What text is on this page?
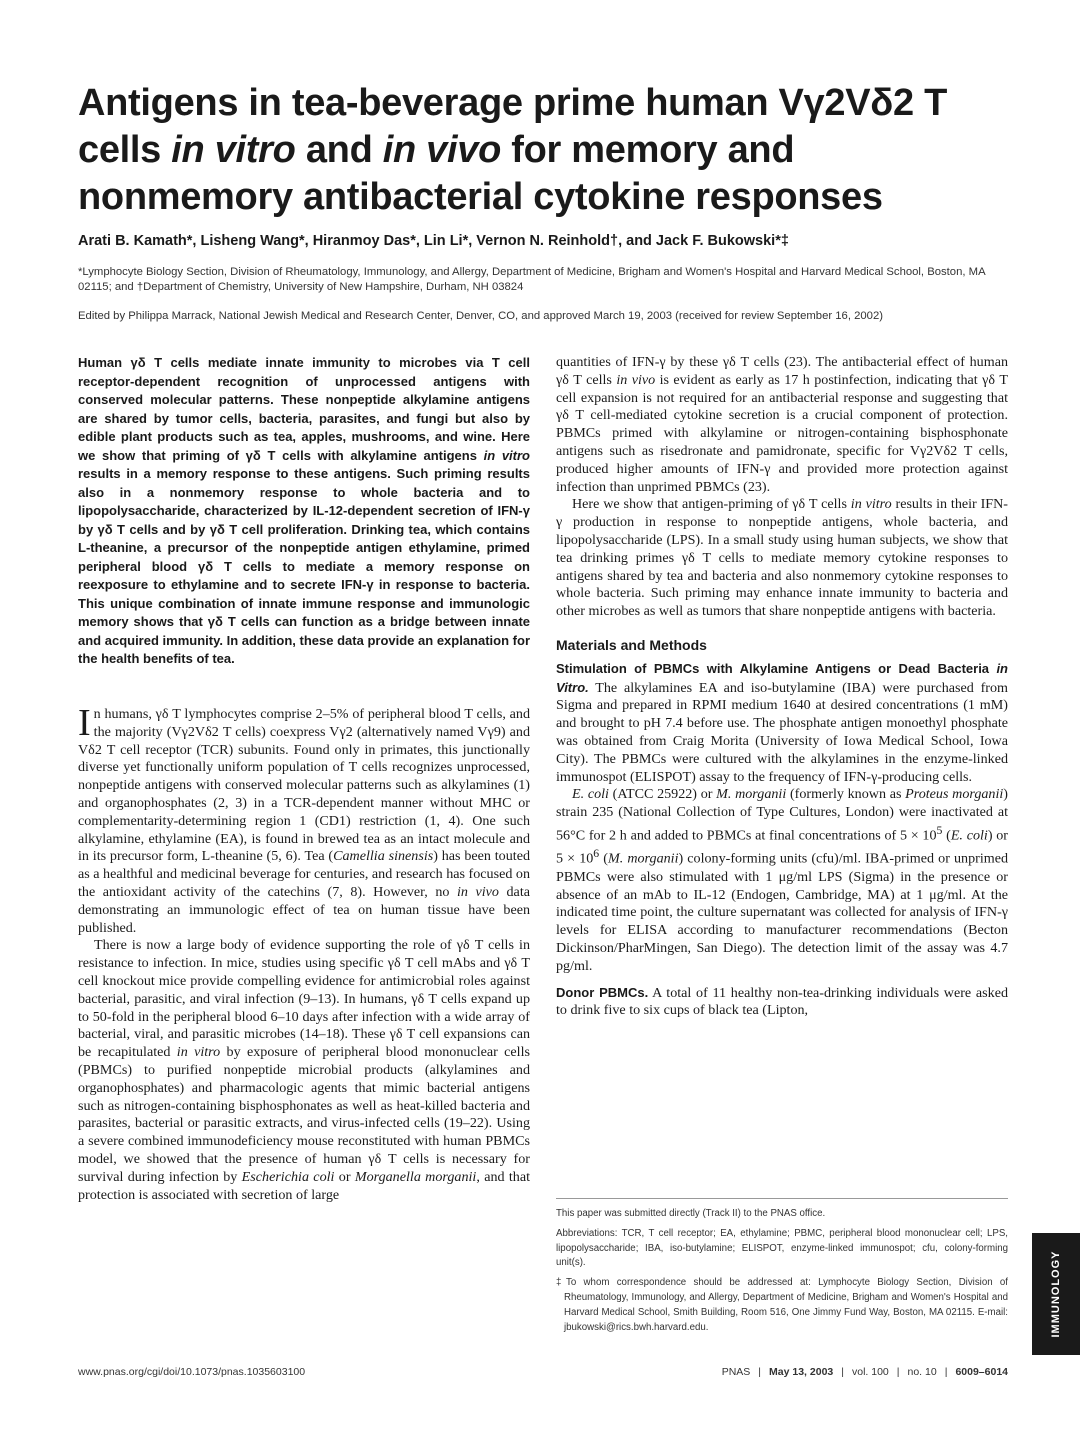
Antigens in tea-beverage prime human Vγ2Vδ2 T cells in vitro and in vivo for memory and nonmemory antibacterial cytokine responses
Arati B. Kamath*, Lisheng Wang*, Hiranmoy Das*, Lin Li*, Vernon N. Reinhold†, and Jack F. Bukowski*‡
*Lymphocyte Biology Section, Division of Rheumatology, Immunology, and Allergy, Department of Medicine, Brigham and Women's Hospital and Harvard Medical School, Boston, MA 02115; and †Department of Chemistry, University of New Hampshire, Durham, NH 03824
Edited by Philippa Marrack, National Jewish Medical and Research Center, Denver, CO, and approved March 19, 2003 (received for review September 16, 2002)
Human γδ T cells mediate innate immunity to microbes via T cell receptor-dependent recognition of unprocessed antigens with conserved molecular patterns. These nonpeptide alkylamine antigens are shared by tumor cells, bacteria, parasites, and fungi but also by edible plant products such as tea, apples, mushrooms, and wine. Here we show that priming of γδ T cells with alkylamine antigens in vitro results in a memory response to these antigens. Such priming results also in a nonmemory response to whole bacteria and to lipopolysaccharide, characterized by IL-12-dependent secretion of IFN-γ by γδ T cells and by γδ T cell proliferation. Drinking tea, which contains L-theanine, a precursor of the nonpeptide antigen ethylamine, primed peripheral blood γδ T cells to mediate a memory response on reexposure to ethylamine and to secrete IFN-γ in response to bacteria. This unique combination of innate immune response and immunologic memory shows that γδ T cells can function as a bridge between innate and acquired immunity. In addition, these data provide an explanation for the health benefits of tea.

In humans, γδ T lymphocytes comprise 2–5% of peripheral blood T cells, and the majority (Vγ2Vδ2 T cells) coexpress Vγ2 (alternatively named Vγ9) and Vδ2 T cell receptor (TCR) subunits. Found only in primates, this junctionally diverse yet functionally uniform population of T cells recognizes unprocessed, nonpeptide antigens with conserved molecular patterns such as alkylamines (1) and organophosphates (2, 3) in a TCR-dependent manner without MHC or complementarity-determining region 1 (CD1) restriction (1, 4). One such alkylamine, ethylamine (EA), is found in brewed tea as an intact molecule and in its precursor form, L-theanine (5, 6). Tea (Camellia sinensis) has been touted as a healthful and medicinal beverage for centuries, and research has focused on the antioxidant activity of the catechins (7, 8). However, no in vivo data demonstrating an immunologic effect of tea on human tissue have been published.

There is now a large body of evidence supporting the role of γδ T cells in resistance to infection. In mice, studies using specific γδ T cell mAbs and γδ T cell knockout mice provide compelling evidence for antimicrobial roles against bacterial, parasitic, and viral infection (9–13). In humans, γδ T cells expand up to 50-fold in the peripheral blood 6–10 days after infection with a wide array of bacterial, viral, and parasitic microbes (14–18). These γδ T cell expansions can be recapitulated in vitro by exposure of peripheral blood mononuclear cells (PBMCs) to purified nonpeptide microbial products (alkylamines and organophosphates) and pharmacologic agents that mimic bacterial antigens such as nitrogen-containing bisphosphonates as well as heat-killed bacteria and parasites, bacterial or parasitic extracts, and virus-infected cells (19–22). Using a severe combined immunodeficiency mouse reconstituted with human PBMCs model, we showed that the presence of human γδ T cells is necessary for survival during infection by Escherichia coli or Morganella morganii, and that protection is associated with secretion of large

quantities of IFN-γ by these γδ T cells (23). The antibacterial effect of human γδ T cells in vivo is evident as early as 17 h postinfection, indicating that γδ T cell expansion is not required for an antibacterial response and suggesting that γδ T cell-mediated cytokine secretion is a crucial component of protection. PBMCs primed with alkylamine or nitrogen-containing bisphosphonate antigens such as risedronate and pamidronate, specific for Vγ2Vδ2 T cells, produced higher amounts of IFN-γ and provided more protection against infection than unprimed PBMCs (23).

Here we show that antigen-priming of γδ T cells in vitro results in their IFN-γ production in response to nonpeptide antigens, whole bacteria, and lipopolysaccharide (LPS). In a small study using human subjects, we show that tea drinking primes γδ T cells to mediate memory cytokine responses to antigens shared by tea and bacteria and also nonmemory cytokine responses to whole bacteria. Such priming may enhance innate immunity to bacteria and other microbes as well as tumors that share nonpeptide antigens with bacteria.

Materials and Methods

Stimulation of PBMCs with Alkylamine Antigens or Dead Bacteria in Vitro. The alkylamines EA and iso-butylamine (IBA) were purchased from Sigma and prepared in RPMI medium 1640 at desired concentrations (1 mM) and brought to pH 7.4 before use. The phosphate antigen monoethyl phosphate was obtained from Craig Morita (University of Iowa Medical School, Iowa City). The PBMCs were cultured with the alkylamines in the enzyme-linked immunospot (ELISPOT) assay to the frequency of IFN-γ-producing cells.

E. coli (ATCC 25922) or M. morganii (formerly known as Proteus morganii) strain 235 (National Collection of Type Cultures, London) were inactivated at 56°C for 2 h and added to PBMCs at final concentrations of $5 \times 10^5$ (E. coli) or $5 \times 10^6$ (M. morganii) colony-forming units (cfu)/ml. IBA-primed or unprimed PBMCs were also stimulated with 1 μg/ml LPS (Sigma) in the presence or absence of an mAb to IL-12 (Endogen, Cambridge, MA) at 1 μg/ml. At the indicated time point, the culture supernatant was collected for analysis of IFN-γ levels for ELISA according to manufacturer recommendations (Becton Dickinson/PharMingen, San Diego). The detection limit of the assay was 4.7 pg/ml.

Donor PBMCs. A total of 11 healthy non-tea-drinking individuals were asked to drink five to six cups of black tea (Lipton,

This paper was submitted directly (Track II) to the PNAS office.

Abbreviations: TCR, T cell receptor; EA, ethylamine; PBMC, peripheral blood mononuclear cell; LPS, lipopolysaccharide; IBA, iso-butylamine; ELISPOT, enzyme-linked immunospot; cfu, colony-forming unit(s).

‡To whom correspondence should be addressed at: Lymphocyte Biology Section, Division of Rheumatology, Immunology, and Allergy, Department of Medicine, Brigham and Women's Hospital and Harvard Medical School, Smith Building, Room 516, One Jimmy Fund Way, Boston, MA 02115. E-mail: jbukowski@rics.bwh.harvard.edu.

www.pnas.org/cgi/doi/10.1073/pnas.1035603100	PNAS | May 13, 2003 | vol. 100 | no. 10 | 6009–6014
IMMUNOLOGY
